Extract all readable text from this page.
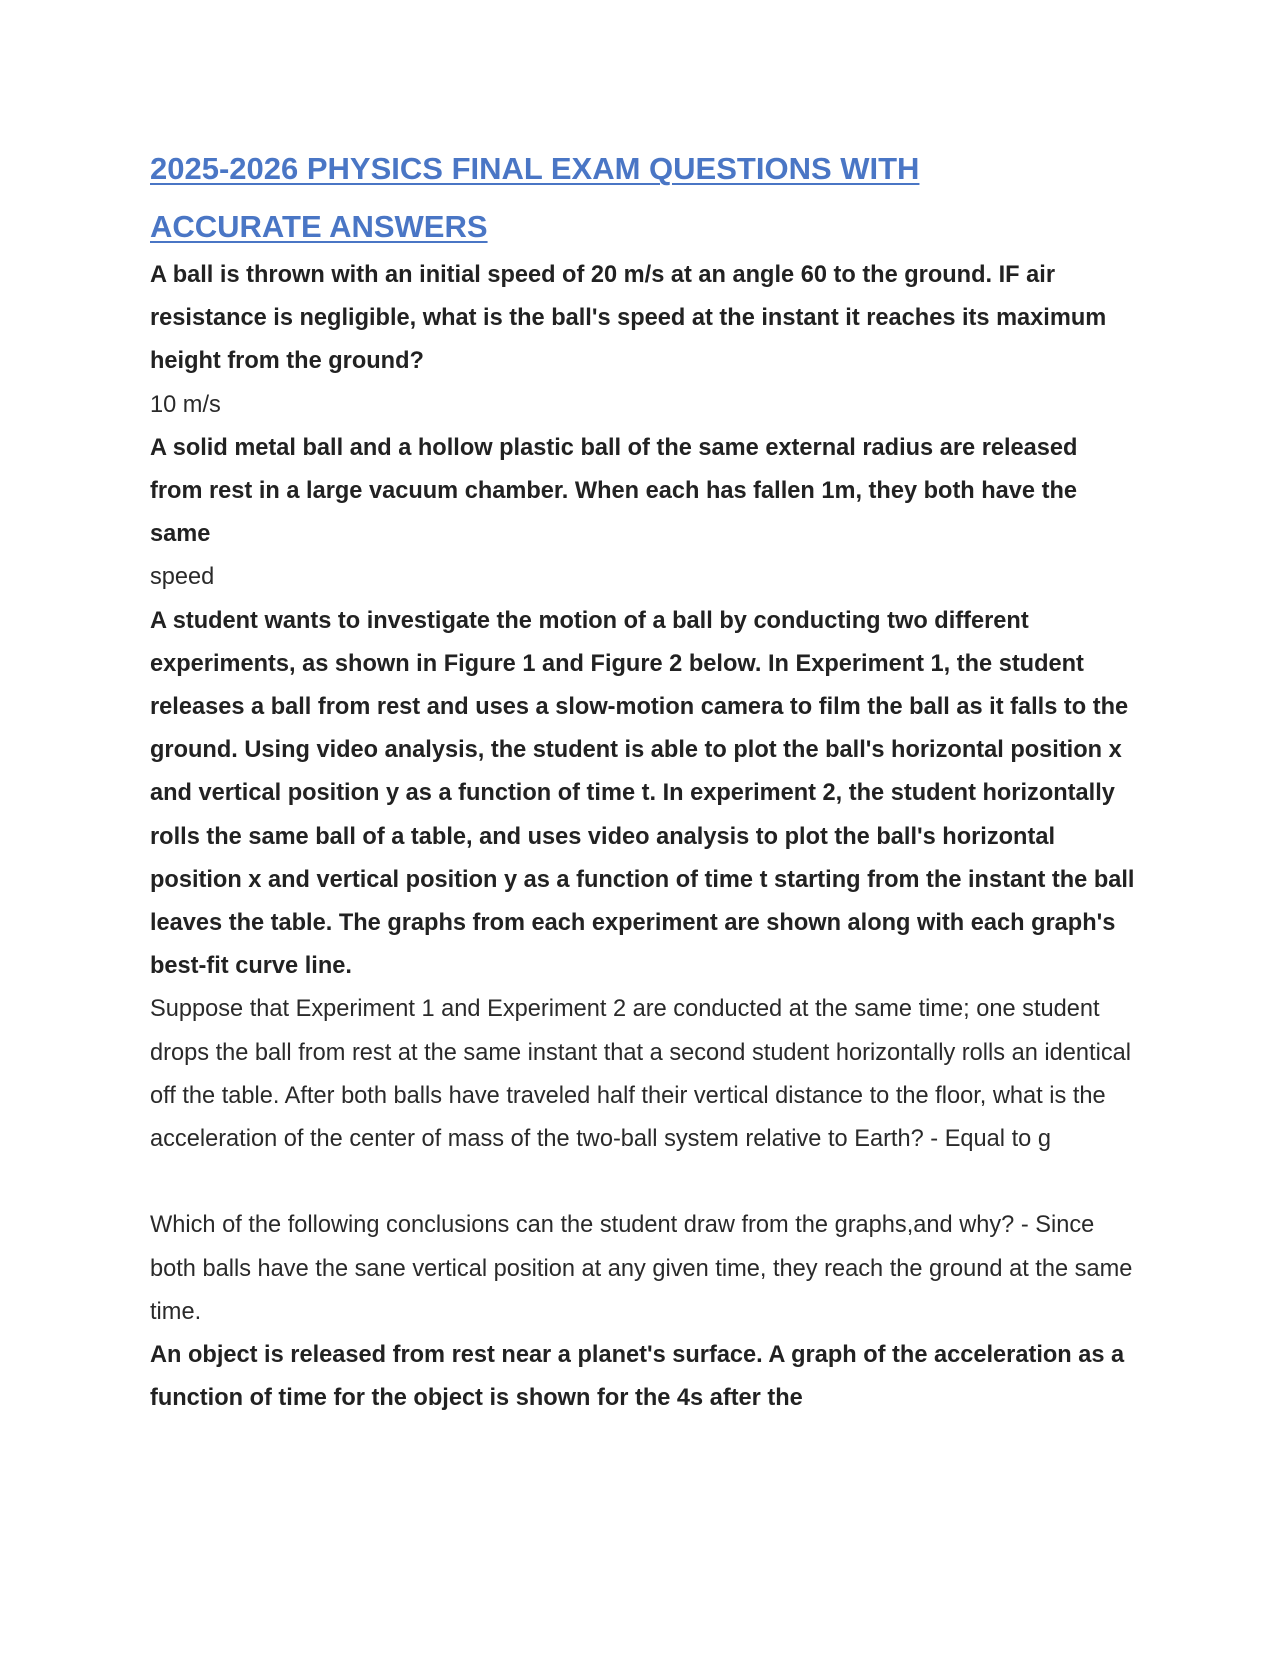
2025-2026 PHYSICS FINAL EXAM QUESTIONS WITH
ACCURATE ANSWERS

A ball is thrown with an initial speed of 20 m/s at an angle 60 to the ground. IF air resistance is negligible, what is the ball's speed at the instant it reaches its maximum height from the ground?

10 m/s

A solid metal ball and a hollow plastic ball of the same external radius are released from rest in a large vacuum chamber. When each has fallen 1m, they both have the same

speed

A student wants to investigate the motion of a ball by conducting two different experiments, as shown in Figure 1 and Figure 2 below. In Experiment 1, the student releases a ball from rest and uses a slow-motion camera to film the ball as it falls to the ground. Using video analysis, the student is able to plot the ball's horizontal position x and vertical position y as a function of time t. In experiment 2, the student horizontally rolls the same ball of a table, and uses video analysis to plot the ball's horizontal position x and vertical position y as a function of time t starting from the instant the ball leaves the table. The graphs from each experiment are shown along with each graph's best-fit curve line.

Suppose that Experiment 1 and Experiment 2 are conducted at the same time; one student drops the ball from rest at the same instant that a second student horizontally rolls an identical off the table. After both balls have traveled half their vertical distance to the floor, what is the acceleration of the center of mass of the two-ball system relative to Earth? - Equal to g

Which of the following conclusions can the student draw from the graphs,and why? - Since both balls have the sane vertical position at any given time, they reach the ground at the same time.

An object is released from rest near a planet's surface. A graph of the acceleration as a function of time for the object is shown for the 4s after the
